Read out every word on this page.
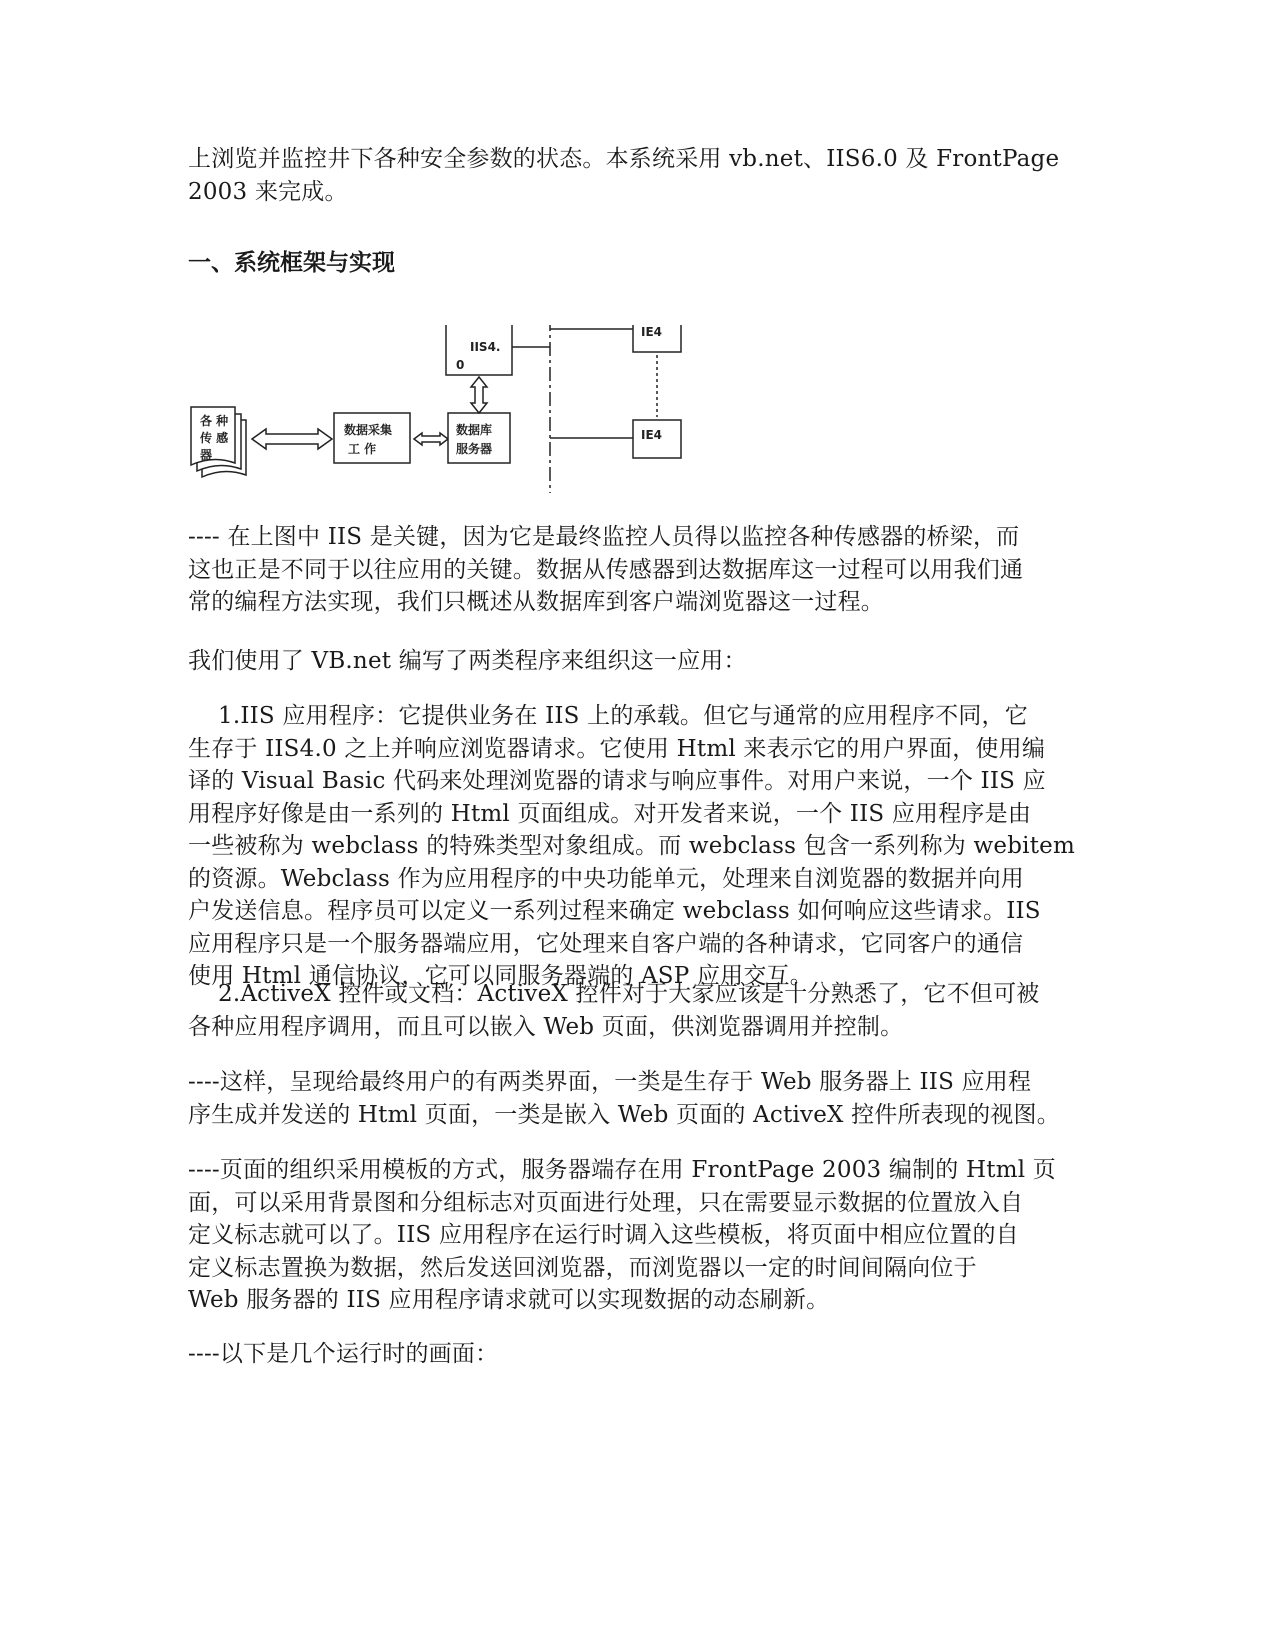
上浏览并监控井下各种安全参数的状态。本系统采用 vb.net、IIS6.0 及 FrontPage
2003 来完成。

一、系统框架与实现
各 种
传 感
器
数据采集
工 作
数据库
服务器
IIS4.
0
IE4
IE4

---- 在上图中 IIS 是关键，因为它是最终监控人员得以监控各种传感器的桥梁，而
这也正是不同于以往应用的关键。数据从传感器到达数据库这一过程可以用我们通
常的编程方法实现，我们只概述从数据库到客户端浏览器这一过程。

我们使用了 VB.net 编写了两类程序来组织这一应用：

1.IIS 应用程序：它提供业务在 IIS 上的承载。但它与通常的应用程序不同，它
生存于 IIS4.0 之上并响应浏览器请求。它使用 Html 来表示它的用户界面，使用编
译的 Visual Basic 代码来处理浏览器的请求与响应事件。对用户来说，一个 IIS 应
用程序好像是由一系列的 Html 页面组成。对开发者来说，一个 IIS 应用程序是由
一些被称为 webclass 的特殊类型对象组成。而 webclass 包含一系列称为 webitem
的资源。Webclass 作为应用程序的中央功能单元，处理来自浏览器的数据并向用
户发送信息。程序员可以定义一系列过程来确定 webclass 如何响应这些请求。IIS
应用程序只是一个服务器端应用，它处理来自客户端的各种请求，它同客户的通信
使用 Html 通信协议，它可以同服务器端的 ASP 应用交互。

2.ActiveX 控件或文档：ActiveX 控件对于大家应该是十分熟悉了，它不但可被
各种应用程序调用，而且可以嵌入 Web 页面，供浏览器调用并控制。

----这样，呈现给最终用户的有两类界面，一类是生存于 Web 服务器上 IIS 应用程
序生成并发送的 Html 页面，一类是嵌入 Web 页面的 ActiveX 控件所表现的视图。

----页面的组织采用模板的方式，服务器端存在用 FrontPage 2003 编制的 Html 页
面，可以采用背景图和分组标志对页面进行处理，只在需要显示数据的位置放入自
定义标志就可以了。IIS 应用程序在运行时调入这些模板，将页面中相应位置的自
定义标志置换为数据，然后发送回浏览器，而浏览器以一定的时间间隔向位于
Web 服务器的 IIS 应用程序请求就可以实现数据的动态刷新。

----以下是几个运行时的画面：
